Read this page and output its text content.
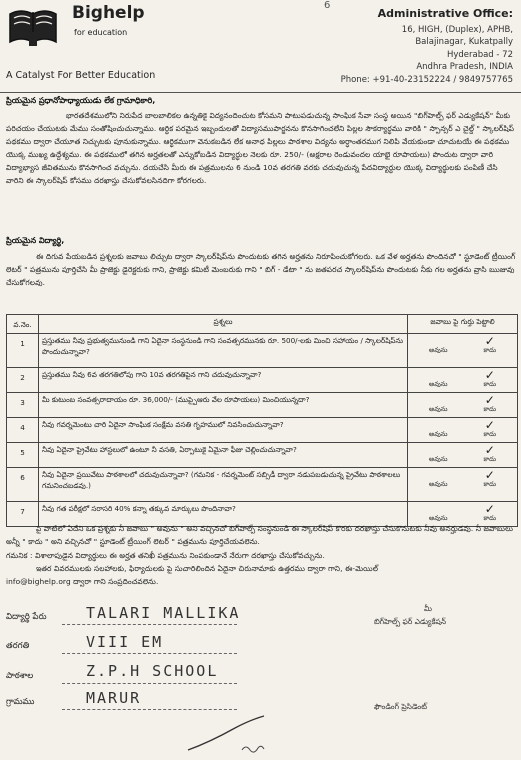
Bighelp
for education
A Catalyst For Better Education
6
Administrative Office:
16, HIGH, (Duplex), APHB,
Balajinagar, Kukatpally
Hyderabad - 72
Andhra Pradesh, INDIA
Phone: +91-40-23152224 / 9849757765
ప్రియమైన ప్రధానోపాధ్యాయుడు లేక గ్రామాధికారి,
భారతదేశములోని నిరుపేద బాలబాలికల ఉన్నతికై విద్యనందించుట కోసమని పాటుపడుచున్న సాంఘిక సేవా సంస్థ అయిన "బిగ్‌హెల్ప్ ఫర్ ఎడ్యుకేషన్" మీకు పరిచయం చేయుటకు మేము సంతోషించుచున్నాము. ఆర్థిక పరమైన ఇబ్బందులతో విద్యాసముపార్జనను కొనసాగించలేని పిల్లల సౌకర్యార్థము వారికి " స్పాన్సర్ ఎ చైల్డ్ " స్కాలర్‌షిప్ పథకము ద్వారా చేయూత నిచ్చుటకు పూనుకున్నాము. ఆర్థికముగా వెనుకబడిన లేక అనాధ పిల్లలు పాఠశాల విద్యను అర్ధాంతరముగ నిలిపి వేయకుండా చూచుటయే ఈ పథకము యొక్క ముఖ్య ఉద్దేశ్యము. ఈ పథకములో తగిన అర్హతలతో ఎన్నుకోబడిన విద్యార్థుల నెలకు రూ. 250/- (అక్షరాల రెండువందల యాభై రూపాయలు) పొందుట ద్వారా వారి విద్యాభ్యాస జీవితమును కొనసాగించ వచ్చును. దయచేసి మీరు ఈ పత్రములను 6 నుండి 10వ తరగతి వరకు చదువుచున్న పేదవిద్యార్థుల యొక్క విద్యార్థులకు పంపిణీ చేసి వారిని ఈ స్కాలర్‌షిప్ కోసము దరఖాస్తు చేసుకోవలసినదిగా కోరగలరు.
ప్రియమైన విద్యార్థి,
ఈ దిగువ పేయబడిన ప్రశ్నలకు జవాబు లిచ్చుట ద్వారా స్కాలర్‌షిప్‌ను పొందుటకు తగిన అర్హతను నిరూపించుకోగలరు. ఒక వేళ అర్హతను పొందినచో " స్టూడెంట్ ట్రీయింగ్ లెటర్ " పత్రమును పూర్తిచేసి మీ ప్రాజెక్టు డైరెక్టరుకు గాని, ప్రాజెక్టు కమిటీ మెంబరుకు గాని " బిగ్ - డేటా " ను జతపరచ స్కాలర్‌షిప్‌ను పొందుటకు నీకు గల అర్హతను వ్రాసి ఋజువు చేసుకోగలవు.
వ.నెం.	ప్రశ్నలు	జవాబు పై గుర్తు పెట్టాలి
1	ప్రస్తుతము నీవు ప్రభుత్వమునుండి గాని ఏదైనా సంస్థనుండి గాని సంవత్సరమునకు రూ. 500/-లకు మించి సహాయం / స్కాలర్‌షిప్‌ను పొందుచున్నావా?	అవును
✓
కాదు

2	ప్రస్తుతము నీవు 6వ తరగతిలోపు గాని 10వ తరగతిపైన గాని చదువుచున్నావా?	అవును
✓
కాదు

3	మీ కుటుంబ సంవత్సరాదాయం రూ. 36,000/- (ముప్పైఆరు వేల రూపాయలు) మించియున్నదా?	అవును
✓
కాదు

4	నీవు గవర్నమెంటు చారి ఏదైనా సాంఘిక సంక్షేమ వసతి గృహములో నివసించుచున్నావా?	అవును
✓
కాదు

5	నీవు ఏదైనా ప్రైవేటు హాస్టలులో ఉంటూ నీ వసతి, ఏర్పాటుకై ఏమైనా ఫీజు చెల్లించుచున్నావా?	అవును
✓
కాదు

6	నీవు ఏదైనా ప్రయివేటు పాఠశాలలో చదువుచున్నావా? (గమనిక - గవర్నమెంట్ సబ్సిడీ ద్వారా నడుపబడుచున్న ప్రైవేటు పాఠశాలలు గమనించబడవు.)	అవును
✓
కాదు

7	నీవు గత పరీక్షలో సరాసరి 40% కన్నా తక్కువ మార్కులు పొందినావా?	అవును
✓
కాదు
పై వాటిలో ఏదేని ఒక ప్రశ్నకు నీ జవాబు " అవును " అని వచ్చినచో బిగ్‌హెల్ప్ సంస్థనుండి ఈ స్కాలర్‌షిప్ కొరకు దరఖాస్తు చేసుకొనుటకు నీవు అనర్హుడవు. నీ జవాబులు అన్నీ " కాదు " అని వచ్చినచో " స్టూడెంట్ ట్రీయింగ్ లెటర్ " పత్రమును పూర్తిచేయవలెను.
గమనిక : విశాలాపుడైన విద్యార్థులు ఈ అర్హత తనిఖీ పత్రమును నింపకుండానే నేరుగా దరఖాస్తు చేసుకోవచ్చును.
ఇతర వివరములకు సలహాలకు, ఫిర్యాదులకు పై సుచారిలిందిన ఏదైనా చిరునామాకు ఉత్తరము ద్వారా గాని, ఈ-మెయిల్
info@bighelp.org ద్వారా గాని సంప్రదించవలెను.
విద్యార్థి పేరు	TALARI MALLIKA
తరగతి	VIII EM
పాఠశాల	Z.P.H SCHOOL
గ్రామము	MARUR
మీ
బిగ్‌హెల్ప్ ఫర్ ఎడ్యుకేషన్
ఫౌండింగ్ ప్రెసిడెంట్
